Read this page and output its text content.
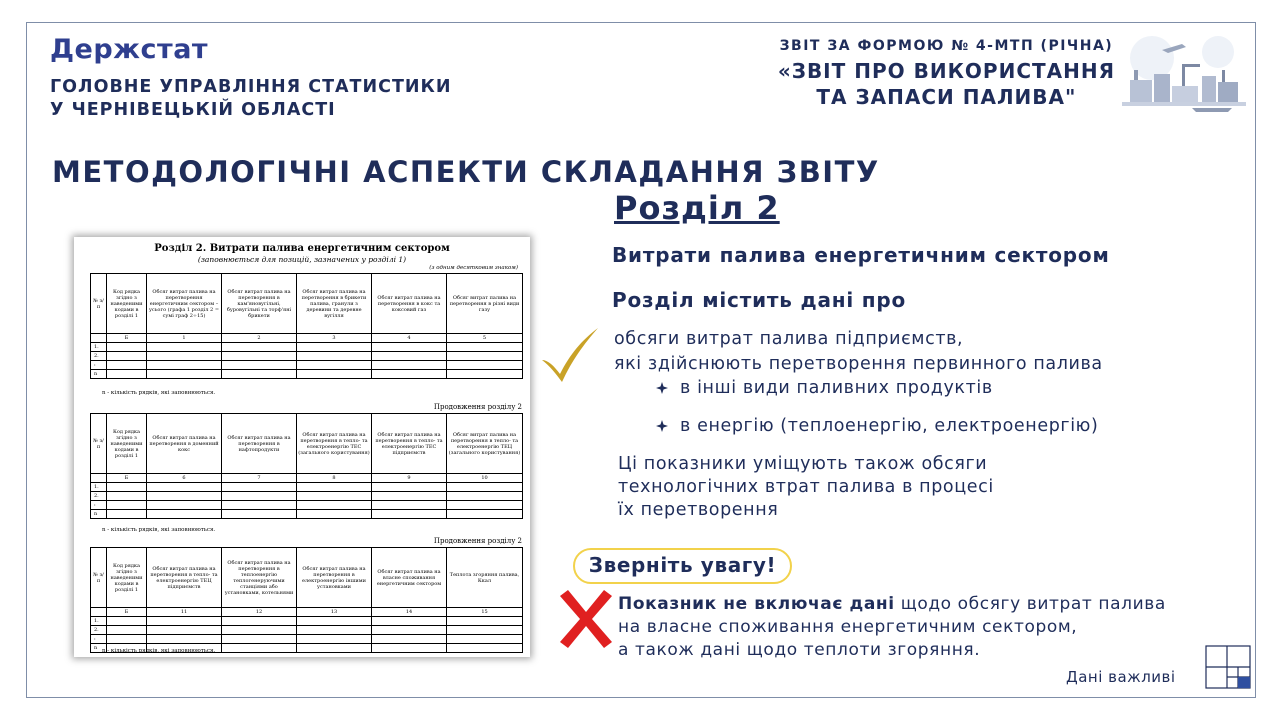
Держстат
ГОЛОВНЕ УПРАВЛІННЯ СТАТИСТИКИ
У ЧЕРНІВЕЦЬКІЙ ОБЛАСТІ
ЗВІТ ЗА ФОРМОЮ № 4-МТП (РІЧНА)
«ЗВІТ ПРО ВИКОРИСТАННЯ
ТА ЗАПАСИ ПАЛИВА"
МЕТОДОЛОГІЧНІ АСПЕКТИ СКЛАДАННЯ ЗВІТУ
Розділ 2
Розділ 2. Витрати палива енергетичним сектором
(заповнюється для позицій, зазначених у розділі 1)
(з одним десятковим знаком)
№ з/п	Код рядка згідно з наведеними кодами в розділі 1	Обсяг витрат палива на перетворення енергетичним сектором – усього (графа 1 розділ 2 = сумі граф 2÷15)	Обсяг витрат палива на перетворення в кам'яновугільні, буровугільні та торф'яні брикети	Обсяг витрат палива на перетворення в брикети палива, гранули з деревини та деревне вугілля	Обсяг витрат палива на перетворення в кокс та коксовий газ	Обсяг витрат палива на перетворення в різні види газу
	Б	1	2	3	4	5
1.						
2.						
:						
n						
n - кількість рядків, які заповнюються.
Продовження розділу 2
№ з/п	Код рядка згідно з наведеними кодами в розділі 1	Обсяг витрат палива на перетворення в доменний кокс	Обсяг витрат палива на перетворення в нафтопродукти	Обсяг витрат палива на перетворення в тепло- та електроенергію ТЕС (загального користування)	Обсяг витрат палива на перетворення в тепло- та електроенергію ТЕС підприємств	Обсяг витрат палива на перетворення в тепло- та електроенергію ТЕЦ (загального користування)
	Б	6	7	8	9	10
1.						
2.						
:						
n						
n - кількість рядків, які заповнюються.
Продовження розділу 2
№ з/п	Код рядка згідно з наведеними кодами в розділі 1	Обсяг витрат палива на перетворення в тепло- та електроенергію ТЕЦ підприємств	Обсяг витрат палива на перетворення в теплоенергію теплогенеруючими станціями або установками, котельнями	Обсяг витрат палива на перетворення в електроенергію іншими установками	Обсяг витрат палива на власне споживання енергетичним сектором	Теплота згоряння палива, Ккал
	Б	11	12	13	14	15
1.						
2.						
:						
n						n - кількість рядків, які заповнюються.
Витрати палива енергетичним сектором
Розділ містить дані про
обсяги витрат палива підприємств,
які здійснюють перетворення первинного палива
в інші види паливних продуктів
в енергію (теплоенергію, електроенергію)
Ці показники уміщують також обсяги
технологічних втрат палива в процесі
їх перетворення
Зверніть увагу!
Показник не включає дані щодо обсягу витрат палива
на власне споживання енергетичним сектором,
а також дані щодо теплоти згоряння.
Дані важливі
